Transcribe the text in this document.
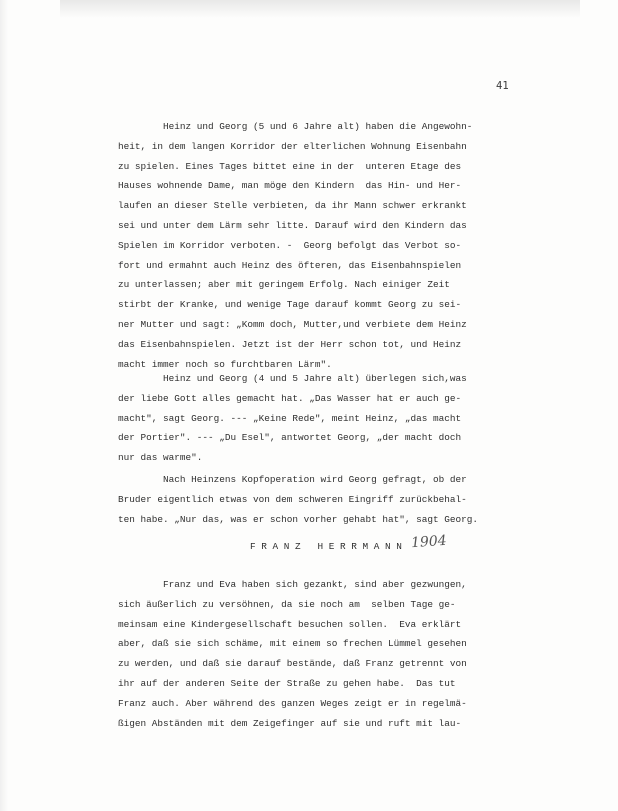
41
Heinz und Georg (5 und 6 Jahre alt) haben die Angewohn-
heit, in dem langen Korridor der elterlichen Wohnung Eisenbahn
zu spielen. Eines Tages bittet eine in der  unteren Etage des
Hauses wohnende Dame, man möge den Kindern  das Hin- und Her-
laufen an dieser Stelle verbieten, da ihr Mann schwer erkrankt
sei und unter dem Lärm sehr litte. Darauf wird den Kindern das
Spielen im Korridor verboten. -  Georg befolgt das Verbot so-
fort und ermahnt auch Heinz des öfteren, das Eisenbahnspielen
zu unterlassen; aber mit geringem Erfolg. Nach einiger Zeit
stirbt der Kranke, und wenige Tage darauf kommt Georg zu sei-
ner Mutter und sagt: „Komm doch, Mutter,und verbiete dem Heinz
das Eisenbahnspielen. Jetzt ist der Herr schon tot, und Heinz
macht immer noch so furchtbaren Lärm".
Heinz und Georg (4 und 5 Jahre alt) überlegen sich,was
der liebe Gott alles gemacht hat. „Das Wasser hat er auch ge-
macht", sagt Georg. --- „Keine Rede", meint Heinz, „das macht
der Portier". --- „Du Esel", antwortet Georg, „der macht doch
nur das warme".
Nach Heinzens Kopfoperation wird Georg gefragt, ob der
Bruder eigentlich etwas von dem schweren Eingriff zurückbehal-
ten habe. „Nur das, was er schon vorher gehabt hat", sagt Georg.
F R A N Z   H E R R M A N N 1904
Franz und Eva haben sich gezankt, sind aber gezwungen,
sich äußerlich zu versöhnen, da sie noch am  selben Tage ge-
meinsam eine Kindergesellschaft besuchen sollen.  Eva erklärt
aber, daß sie sich schäme, mit einem so frechen Lümmel gesehen
zu werden, und daß sie darauf bestände, daß Franz getrennt von
ihr auf der anderen Seite der Straße zu gehen habe.  Das tut
Franz auch. Aber während des ganzen Weges zeigt er in regelmä-
ßigen Abständen mit dem Zeigefinger auf sie und ruft mit lau-
